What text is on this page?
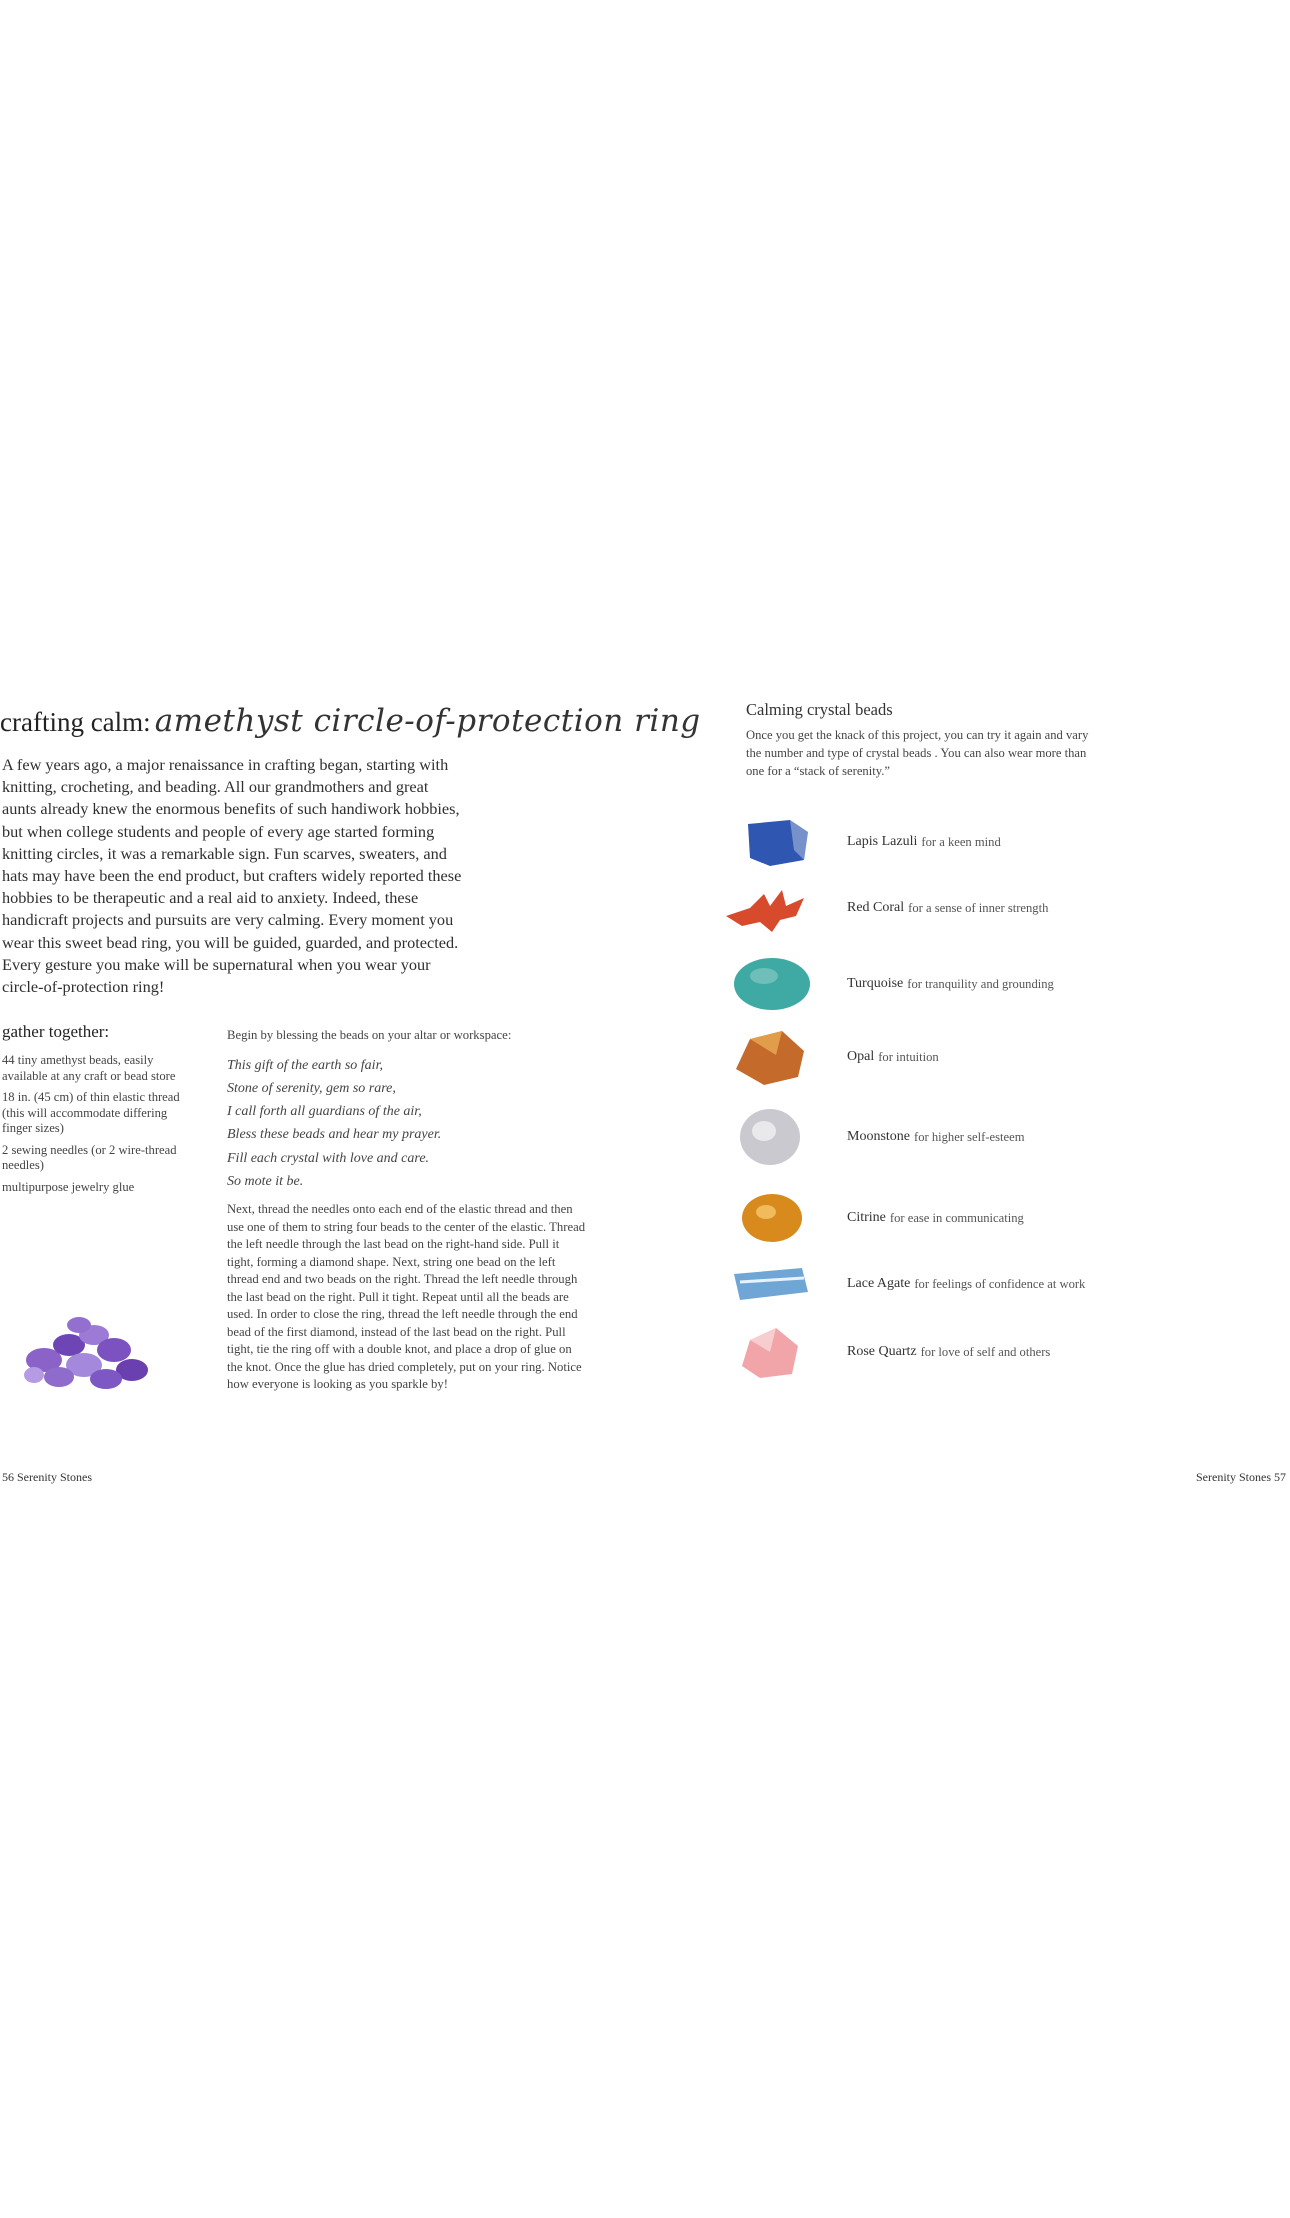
crafting calm: amethyst circle-of-protection ring
A few years ago, a major renaissance in crafting began, starting with knitting, crocheting, and beading. All our grandmothers and great aunts already knew the enormous benefits of such handiwork hobbies, but when college students and people of every age started forming knitting circles, it was a remarkable sign. Fun scarves, sweaters, and hats may have been the end product, but crafters widely reported these hobbies to be therapeutic and a real aid to anxiety. Indeed, these handicraft projects and pursuits are very calming. Every moment you wear this sweet bead ring, you will be guided, guarded, and protected. Every gesture you make will be supernatural when you wear your circle-of-protection ring!
gather together:

44 tiny amethyst beads, easily available at any craft or bead store

18 in. (45 cm) of thin elastic thread (this will accommodate differing finger sizes)

2 sewing needles (or 2 wire-thread needles)

multipurpose jewelry glue

Begin by blessing the beads on your altar or workspace:

This gift of the earth so fair,
Stone of serenity, gem so rare,
I call forth all guardians of the air,
Bless these beads and hear my prayer.
Fill each crystal with love and care.
So mote it be.

Next, thread the needles onto each end of the elastic thread and then use one of them to string four beads to the center of the elastic. Thread the left needle through the last bead on the right-hand side. Pull it tight, forming a diamond shape. Next, string one bead on the left thread end and two beads on the right. Thread the left needle through the last bead on the right. Pull it tight. Repeat until all the beads are used. In order to close the ring, thread the left needle through the end bead of the first diamond, instead of the last bead on the right. Pull tight, tie the ring off with a double knot, and place a drop of glue on the knot. Once the glue has dried completely, put on your ring. Notice how everyone is looking as you sparkle by!

56 Serenity Stones
Calming crystal beads
Once you get the knack of this project, you can try it again and vary the number and type of crystal beads . You can also wear more than one for a “stack of serenity.”
Lapis Lazuli for a keen mind
Red Coral for a sense of inner strength
Turquoise for tranquility and grounding
Opal for intuition
Moonstone for higher self-esteem
Citrine for ease in communicating
Lace Agate for feelings of confidence at work
Rose Quartz for love of self and others
Serenity Stones 57
